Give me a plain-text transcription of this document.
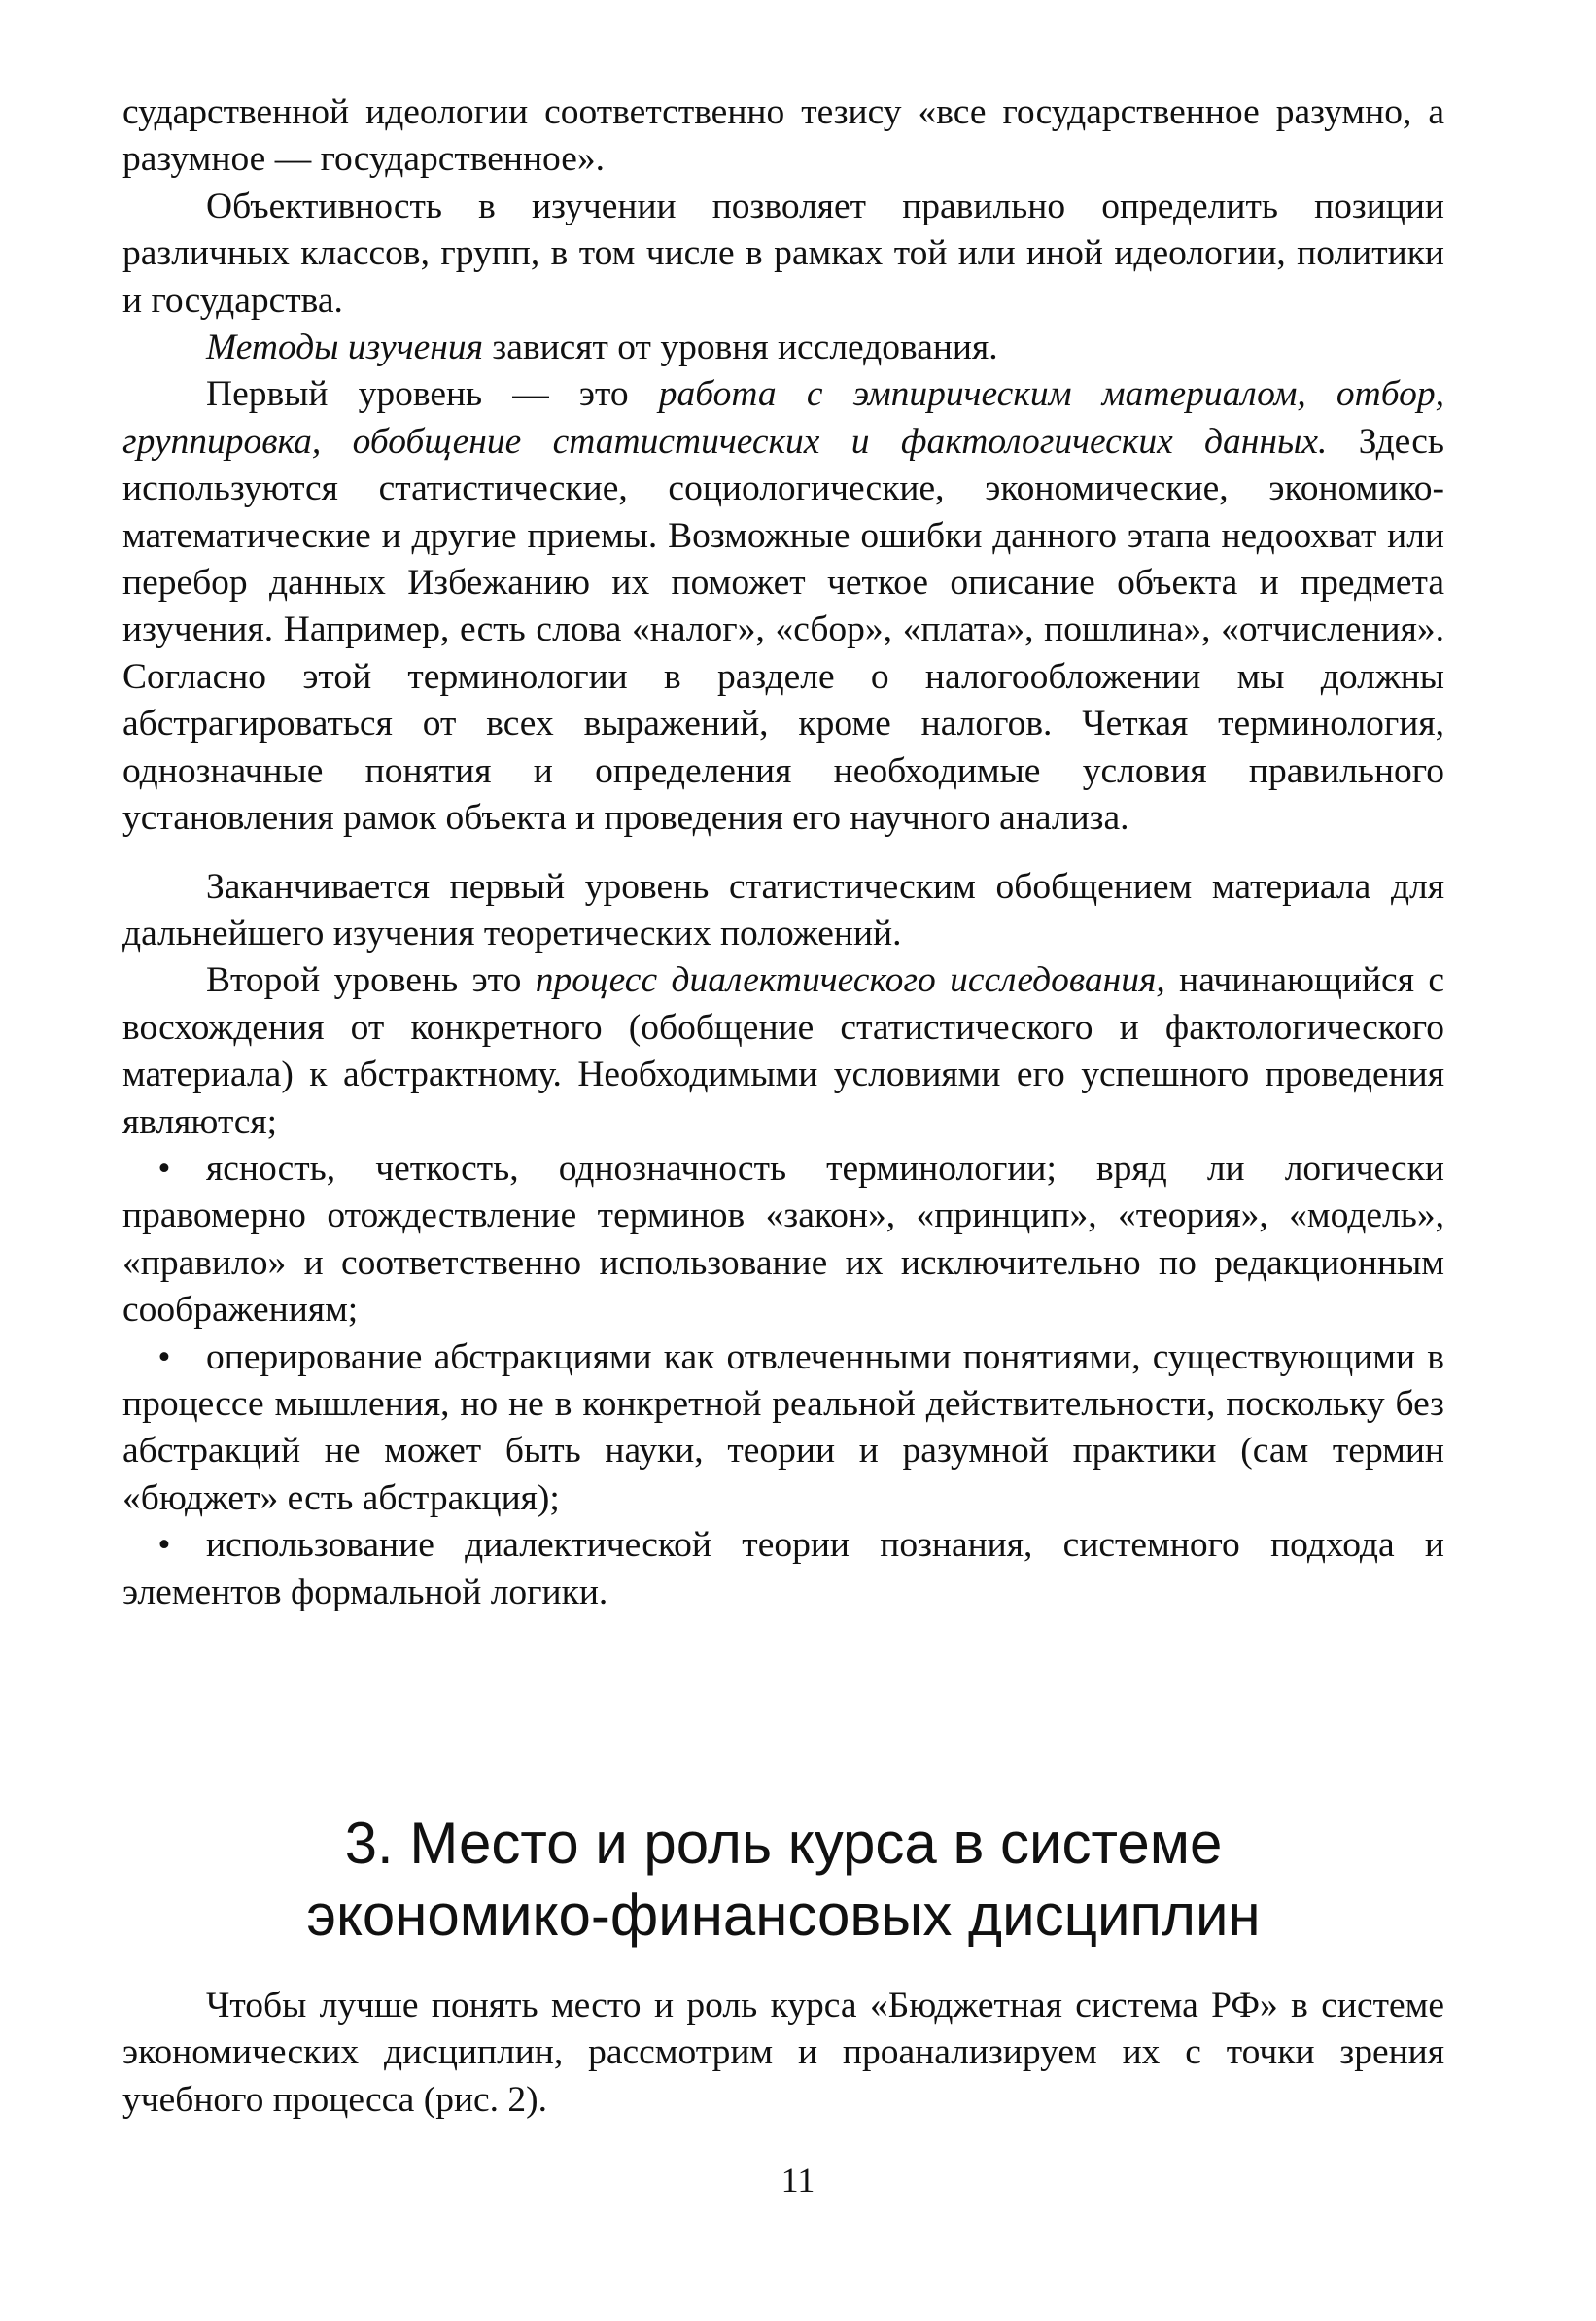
сударственной идеологии соответственно тезису «все государственное разумно, а разумное — государственное».

Объективность в изучении позволяет правильно определить позиции различных классов, групп, в том числе в рамках той или иной идеологии, политики и государства.

Методы изучения зависят от уровня исследования.

Первый уровень — это работа с эмпирическим материалом, отбор, группировка, обобщение статистических и фактологических данных. Здесь используются статистические, социологические, экономические, экономико-математические и другие приемы. Возможные ошибки данного этапа недоохват или перебор данных Избежанию их поможет четкое описание объекта и предмета изучения. Например, есть слова «налог», «сбор», «плата», пошлина», «отчисления». Согласно этой терминологии в разделе о налогообложении мы должны абстрагироваться от всех выражений, кроме налогов. Четкая терминология, однозначные понятия и определения необходимые условия правильного установления рамок объекта и проведения его научного анализа.

Заканчивается первый уровень статистическим обобщением материала для дальнейшего изучения теоретических положений.

Второй уровень это процесс диалектического исследования, начинающийся с восхождения от конкретного (обобщение статистического и фактологического материала) к абстрактному. Необходимыми условиями его успешного проведения являются;

• ясность, четкость, однозначность терминологии; вряд ли логически правомерно отождествление терминов «закон», «принцип», «теория», «модель», «правило» и соответственно использование их исключительно по редакционным соображениям;

• оперирование абстракциями как отвлеченными понятиями, существующими в процессе мышления, но не в конкретной реальной действительности, поскольку без абстракций не может быть науки, теории и разумной практики (сам термин «бюджет» есть абстракция);

• использование диалектической теории познания, системного подхода и элементов формальной логики.

3. Место и роль курса в системе
экономико-финансовых дисциплин

Чтобы лучше понять место и роль курса «Бюджетная система РФ» в системе экономических дисциплин, рассмотрим и проанализируем их с точки зрения учебного процесса (рис. 2).

11
